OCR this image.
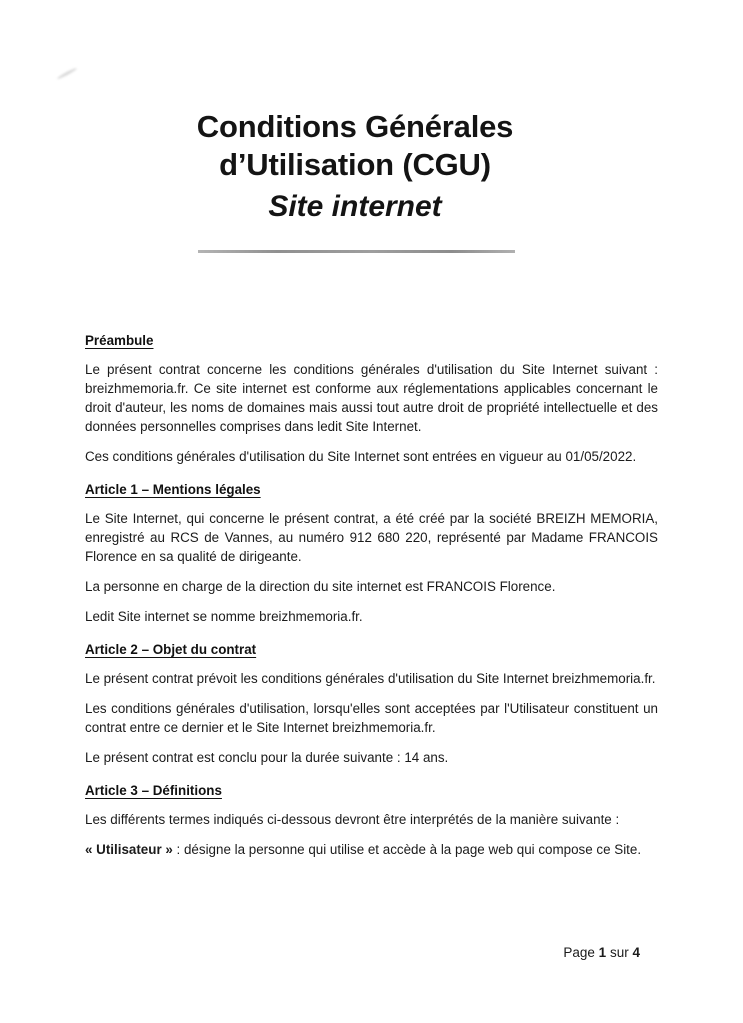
Conditions Générales
d’Utilisation (CGU)
Site internet
Préambule

Le présent contrat concerne les conditions générales d'utilisation du Site Internet suivant : breizhmemoria.fr. Ce site internet est conforme aux réglementations applicables concernant le droit d'auteur, les noms de domaines mais aussi tout autre droit de propriété intellectuelle et des données personnelles comprises dans ledit Site Internet.

Ces conditions générales d'utilisation du Site Internet sont entrées en vigueur au 01/05/2022.

Article 1 – Mentions légales

Le Site Internet, qui concerne le présent contrat, a été créé par la société BREIZH MEMORIA, enregistré au RCS de Vannes, au numéro 912 680 220, représenté par Madame FRANCOIS Florence en sa qualité de dirigeante.

La personne en charge de la direction du site internet est FRANCOIS Florence.

Ledit Site internet se nomme breizhmemoria.fr.

Article 2 – Objet du contrat

Le présent contrat prévoit les conditions générales d'utilisation du Site Internet breizhmemoria.fr.

Les conditions générales d'utilisation, lorsqu'elles sont acceptées par l'Utilisateur constituent un contrat entre ce dernier et le Site Internet breizhmemoria.fr.

Le présent contrat est conclu pour la durée suivante : 14 ans.

Article 3 – Définitions

Les différents termes indiqués ci-dessous devront être interprétés de la manière suivante :

« Utilisateur » : désigne la personne qui utilise et accède à la page web qui compose ce Site.

Page 1 sur 4
